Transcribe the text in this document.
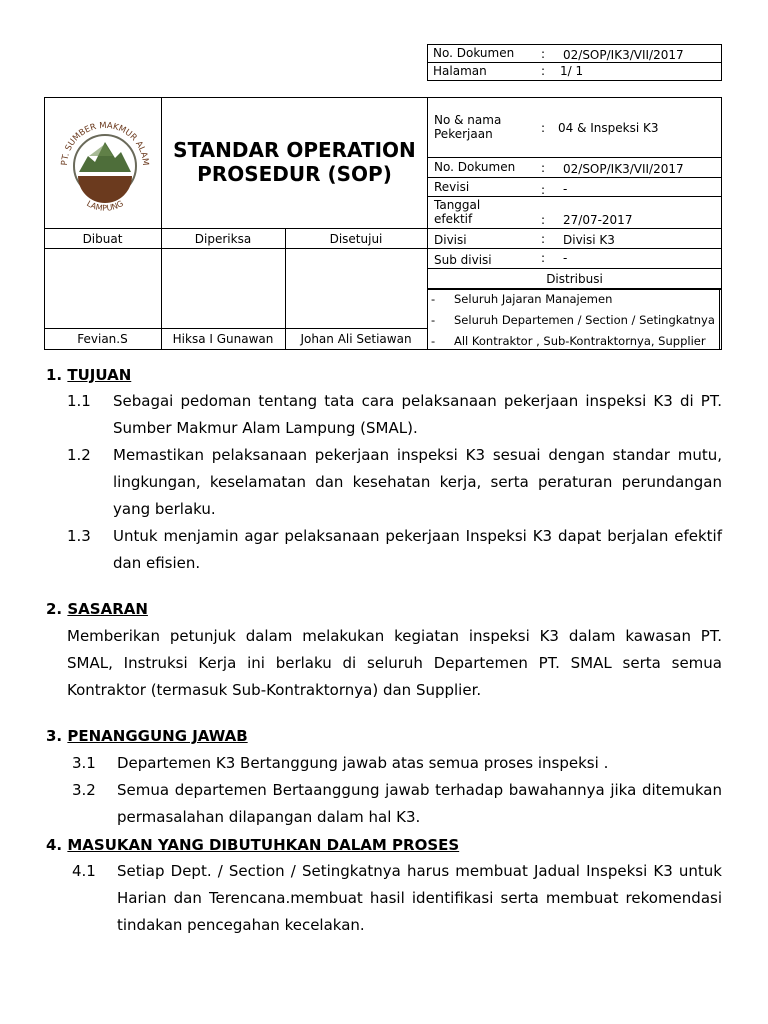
No. Dokumen : 02/SOP/IK3/VII/2017
Halaman	: 1/ 1
PT. SUMBER MAKMUR ALAM
LAMPUNG
STANDAR OPERATION
PROSEDUR (SOP)
No & nama Pekerjaan	: 04 & Inspeksi K3
No. Dokumen : 02/SOP/IK3/VII/2017
Revisi	: -
Tanggal efektif	: 27/07-2017
Divisi	: Divisi K3
Sub divisi	: -
Distribusi
- Seluruh Jajaran Manajemen
- Seluruh Departemen / Section / Setingkatnya
- All Kontraktor , Sub-Kontraktornya, Supplier
Dibuat	Diperiksa	Disetujui
Fevian.S	Hiksa I Gunawan	Johan Ali Setiawan
1. TUJUAN
1.1 Sebagai pedoman tentang tata cara pelaksanaan pekerjaan inspeksi K3 di PT. Sumber Makmur Alam Lampung (SMAL).
1.2 Memastikan pelaksanaan pekerjaan inspeksi K3 sesuai dengan standar mutu, lingkungan, keselamatan dan kesehatan kerja, serta peraturan perundangan yang berlaku.
1.3 Untuk menjamin agar pelaksanaan pekerjaan Inspeksi K3 dapat berjalan efektif dan efisien.
2. SASARAN
Memberikan petunjuk dalam melakukan kegiatan inspeksi K3 dalam kawasan PT. SMAL, Instruksi Kerja ini berlaku di seluruh Departemen PT. SMAL serta semua Kontraktor (termasuk Sub-Kontraktornya) dan Supplier.
3. PENANGGUNG JAWAB
3.1 Departemen K3 Bertanggung jawab atas semua proses inspeksi .
3.2 Semua departemen Bertaanggung jawab terhadap bawahannya jika ditemukan permasalahan dilapangan dalam hal K3.
4. MASUKAN YANG DIBUTUHKAN DALAM PROSES
4.1 Setiap Dept. / Section / Setingkatnya harus membuat Jadual Inspeksi K3 untuk Harian dan Terencana.membuat hasil identifikasi serta membuat rekomendasi tindakan pencegahan kecelakan.
